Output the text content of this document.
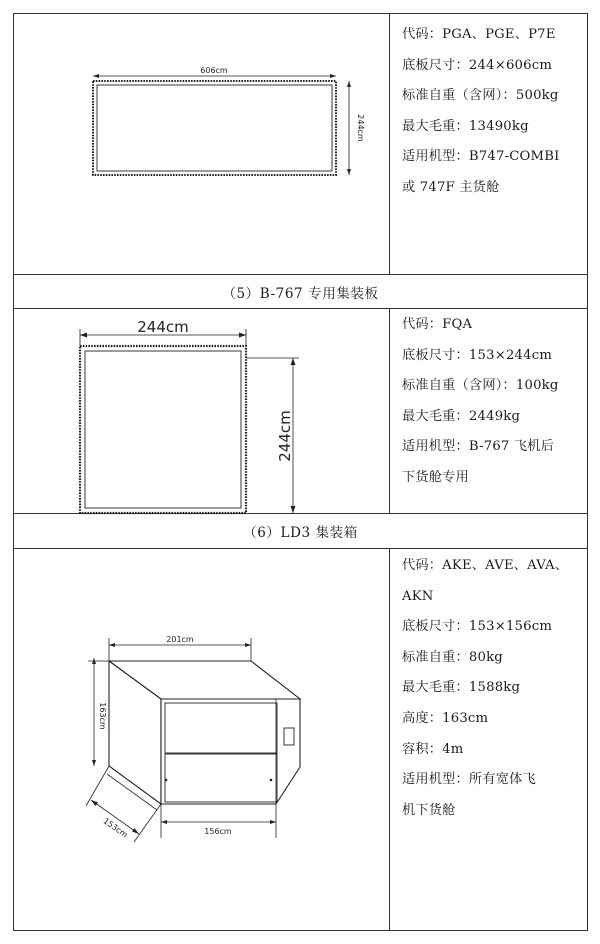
（5）B-767 专用集装板
（6）LD3 集装箱
代码：PGA、PGE、P7E
底板尺寸：244×606cm
标准自重（含网）：500kg
最大毛重：13490kg
适用机型：B747-COMBI
或 747F 主货舱
代码：FQA
底板尺寸：153×244cm
标准自重（含网）：100kg
最大毛重：2449kg
适用机型：B-767 飞机后
下货舱专用
代码：AKE、AVE、AVA、
AKN
底板尺寸：153×156cm
标准自重：80kg
最大毛重：1588kg
高度：163cm
容积：4m
适用机型：所有宽体飞
机下货舱
606cm
244cm
244cm
244cm
201cm
163cm
153cm	156cm
